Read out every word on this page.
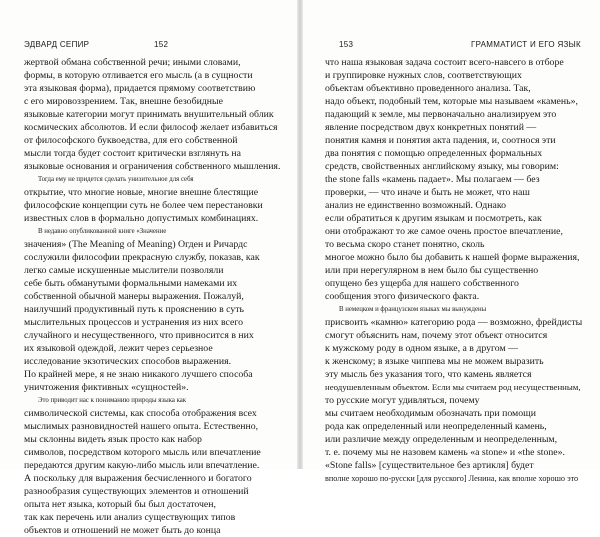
ЭДВАРД СЕПИР	152

жертвой обмана собственной речи; иными словами,

формы, в которую отливается его мысль (а в сущности

эта языковая форма), придается прямому соответствию

с его мировоззрением. Так, внешне безобидные

языковые категории могут принимать внушительный облик

космических абсолютов. И если философ желает избавиться

от философского буквоедства, для его собственной

мысли тогда будет состоит критически взглянуть на

языковые основания и ограничения собственного мышления.

Тогда ему не придется сделать унизительное для себя

открытие, что многие новые, многие внешне блестящие

философские концепции суть не более чем перестановки

известных слов в формально допустимых комбинациях.

В недавно опубликованной книге «Значение

значения» (The Meaning of Meaning) Огден и Ричардс

сослужили философии прекрасную службу, показав, как

легко самые искушенные мыслители позволяли

себе быть обманутыми формальными намеками их

собственной обычной манеры выражения. Пожалуй,

наилучший продуктивный путь к прояснению в суть

мыслительных процессов и устранения из них всего

случайного и несущественного, что привносится в них

их языковой одеждой, лежит через серьезное

исследование экзотических способов выражения.

По крайней мере, я не знаю никакого лучшего способа

уничтожения фиктивных «сущностей».

Это приводит нас к пониманию природы языка как

символической системы, как способа отображения всех

мыслимых разновидностей нашего опыта. Естественно,

мы склонны видеть язык просто как набор

символов, посредством которого мысль или впечатление

передаются другим какую-либо мысль или впечатление.

А поскольку для выражения бесчисленного и богатого

разнообразия существующих элементов и отношений

опыта нет языка, который бы был достаточен,

так как перечень или анализ существующих типов

объектов и отношений не может быть до конца

153	ГРАММАТИСТ И ЕГО ЯЗЫК

что наша языковая задача состоит всего-навсего в отборе

и группировке нужных слов, соответствующих

объектам объективно проведенного анализа. Так,

надо объект, подобный тем, которые мы называем «камень»,

падающий к земле, мы первоначально анализируем это

явление посредством двух конкретных понятий —

понятия камня и понятия акта падения, и, соотнося эти

два понятия с помощью определенных формальных

средств, свойственных английскому языку, мы говорим:

the stone falls «камень падает». Мы полагаем — без

проверки, — что иначе и быть не может, что наш

анализ не единственно возможный. Однако

если обратиться к другим языкам и посмотреть, как

они отображают то же самое очень простое впечатление,

то весьма скоро станет понятно, сколь

многое можно было бы добавить к нашей форме выражения,

или при нерегулярном в нем было бы существенно

опущено без ущерба для нашего собственного

сообщения этого физического факта.

В немецком и французском языках мы вынуждены

присвоить «камню» категорию рода — возможно, фрейдисты

смогут объяснить нам, почему этот объект относится

к мужскому роду в одном языке, а в другом —

к женскому; в языке чиппева мы не можем выразить

эту мысль без указания того, что камень является

неодушевленным объектом. Если мы считаем род несущественным,

то русские могут удивляться, почему

мы считаем необходимым обозначать при помощи

рода как определенный или неопределенный камень,

или различие между определенным и неопределенным,

т. е. почему мы не назовем камень «a stone» и «the stone».

«Stone falls» [существительное без артикля] будет

вполне хорошо по-русски [для русского] Ленина, как вполне хорошо это
